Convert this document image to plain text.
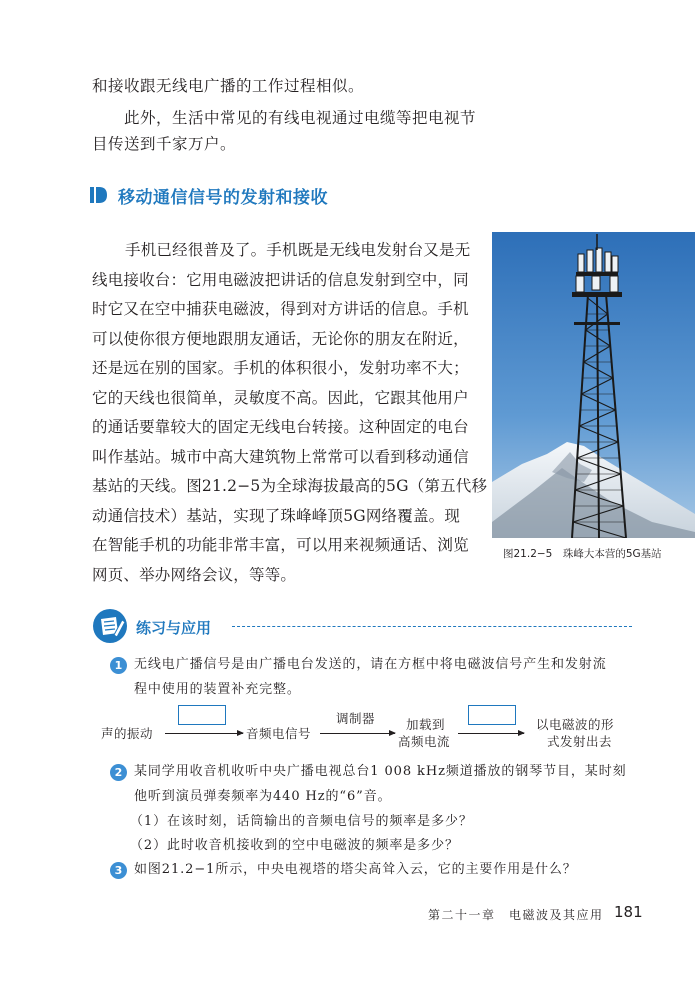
和接收跟无线电广播的工作过程相似。
此外，生活中常见的有线电视通过电缆等把电视节
目传送到千家万户。
移动通信信号的发射和接收
手机已经很普及了。手机既是无线电发射台又是无
线电接收台：它用电磁波把讲话的信息发射到空中，同
时它又在空中捕获电磁波，得到对方讲话的信息。手机
可以使你很方便地跟朋友通话，无论你的朋友在附近，
还是远在别的国家。手机的体积很小，发射功率不大；
它的天线也很简单，灵敏度不高。因此，它跟其他用户
的通话要靠较大的固定无线电台转接。这种固定的电台
叫作基站。城市中高大建筑物上常常可以看到移动通信
基站的天线。图21.2−5为全球海拔最高的5G（第五代移
动通信技术）基站，实现了珠峰峰顶5G网络覆盖。现
在智能手机的功能非常丰富，可以用来视频通话、浏览
网页、举办网络会议，等等。
图21.2−5　珠峰大本营的5G基站
练习与应用
1 无线电广播信号是由广播电台发送的，请在方框中将电磁波信号产生和发射流
程中使用的装置补充完整。
声的振动	音频电信号
调制器 加载到
高频电流
以电磁波的形
式发射出去
2 某同学用收音机收听中央广播电视总台1 008 kHz频道播放的钢琴节目，某时刻
他听到演员弹奏频率为440 Hz的“6”音。
（1）在该时刻，话筒输出的音频电信号的频率是多少？
（2）此时收音机接收到的空中电磁波的频率是多少？
3 如图21.2−1所示，中央电视塔的塔尖高耸入云，它的主要作用是什么？
第二十一章　电磁波及其应用 181
